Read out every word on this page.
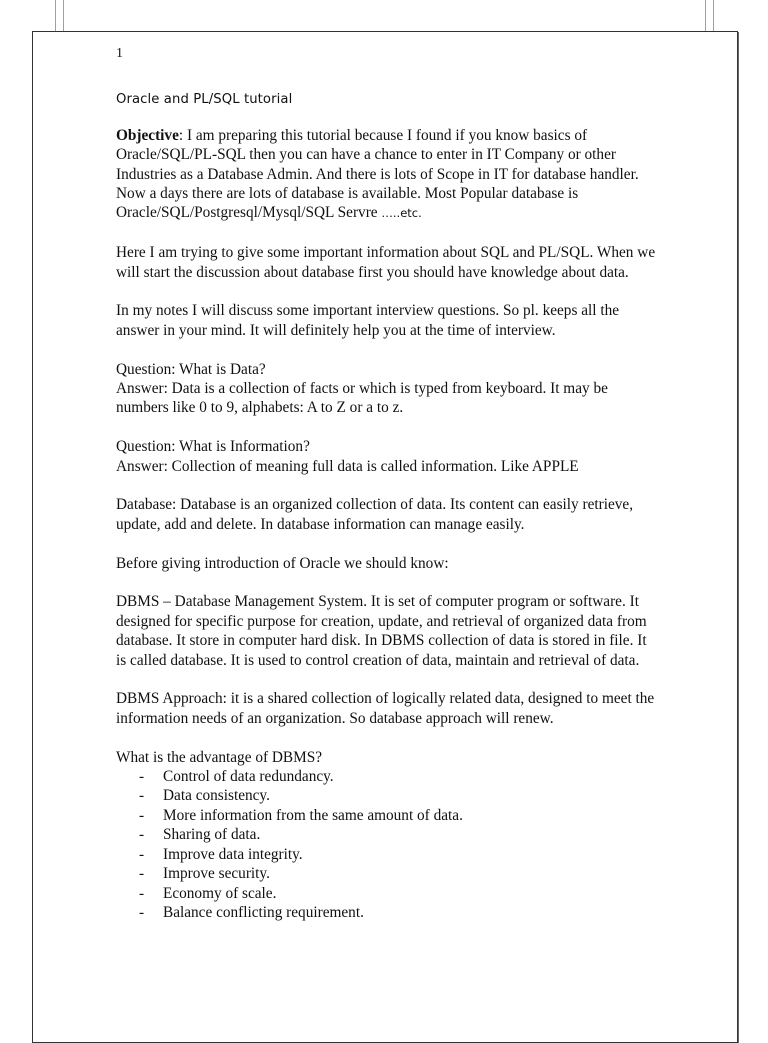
1
Oracle and PL/SQL tutorial

Objective: I am preparing this tutorial because I found if you know basics of Oracle/SQL/PL-SQL then you can have a chance to enter in IT Company or other Industries as a Database Admin. And there is lots of Scope in IT for database handler. Now a days there are lots of database is available. Most Popular database is Oracle/SQL/Postgresql/Mysql/SQL Servre …..etc.

Here I am trying to give some important information about SQL and PL/SQL. When we will start the discussion about database first you should have knowledge about data.

In my notes I will discuss some important interview questions. So pl. keeps all the answer in your mind. It will definitely help you at the time of interview.

Question: What is Data?

Answer: Data is a collection of facts or which is typed from keyboard. It may be numbers like 0 to 9, alphabets: A to Z or a to z.

Question: What is Information?

Answer: Collection of meaning full data is called information. Like APPLE

Database: Database is an organized collection of data. Its content can easily retrieve, update, add and delete. In database information can manage easily.

Before giving introduction of Oracle we should know:

DBMS – Database Management System. It is set of computer program or software. It designed for specific purpose for creation, update, and retrieval of organized data from database. It store in computer hard disk. In DBMS collection of data is stored in file. It is called database. It is used to control creation of data, maintain and retrieval of data.

DBMS Approach: it is a shared collection of logically related data, designed to meet the information needs of an organization. So database approach will renew.

What is the advantage of DBMS?
-	Control of data redundancy.
-	Data consistency.
-	More information from the same amount of data.
-	Sharing of data.
-	Improve data integrity.
-	Improve security.
-	Economy of scale.
-	Balance conflicting requirement.
